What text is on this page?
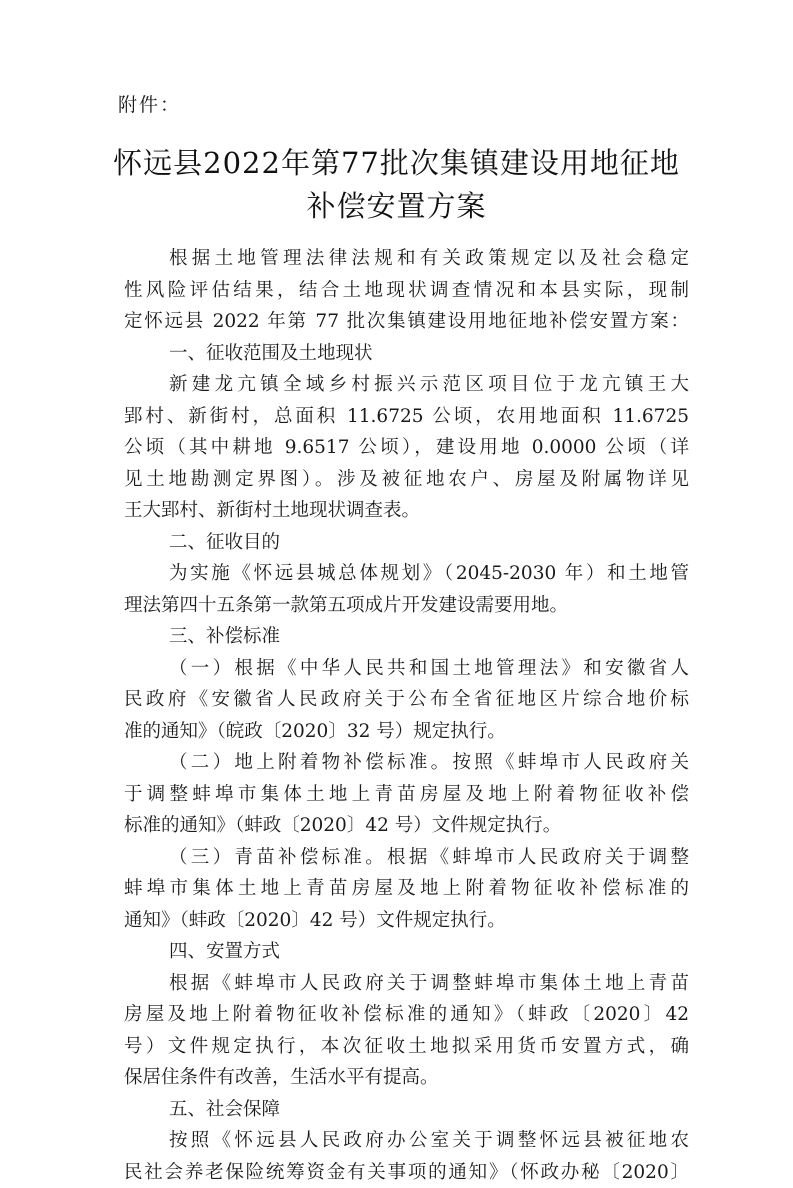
附件：
怀远县2022年第77批次集镇建设用地征地
补偿安置方案
根据土地管理法律法规和有关政策规定以及社会稳定
性风险评估结果，结合土地现状调查情况和本县实际，现制
定怀远县 2022 年第 77 批次集镇建设用地征地补偿安置方案：
一、征收范围及土地现状
新建龙亢镇全域乡村振兴示范区项目位于龙亢镇王大
郢村、新街村，总面积 11.6725 公顷，农用地面积 11.6725
公顷（其中耕地 9.6517 公顷），建设用地 0.0000 公顷（详
见土地勘测定界图）。涉及被征地农户、房屋及附属物详见
王大郢村、新街村土地现状调查表。
二、征收目的
为实施《怀远县城总体规划》（2045-2030 年）和土地管
理法第四十五条第一款第五项成片开发建设需要用地。
三、补偿标准
（一）根据《中华人民共和国土地管理法》和安徽省人
民政府《安徽省人民政府关于公布全省征地区片综合地价标
准的通知》（皖政〔2020〕32 号）规定执行。
（二）地上附着物补偿标准。按照《蚌埠市人民政府关
于调整蚌埠市集体土地上青苗房屋及地上附着物征收补偿
标准的通知》（蚌政〔2020〕42 号）文件规定执行。
（三）青苗补偿标准。根据《蚌埠市人民政府关于调整
蚌埠市集体土地上青苗房屋及地上附着物征收补偿标准的
通知》（蚌政〔2020〕42 号）文件规定执行。
四、安置方式
根据《蚌埠市人民政府关于调整蚌埠市集体土地上青苗
房屋及地上附着物征收补偿标准的通知》（蚌政〔2020〕42
号）文件规定执行，本次征收土地拟采用货币安置方式，确
保居住条件有改善，生活水平有提高。
五、社会保障
按照《怀远县人民政府办公室关于调整怀远县被征地农
民社会养老保险统筹资金有关事项的通知》（怀政办秘〔2020〕
